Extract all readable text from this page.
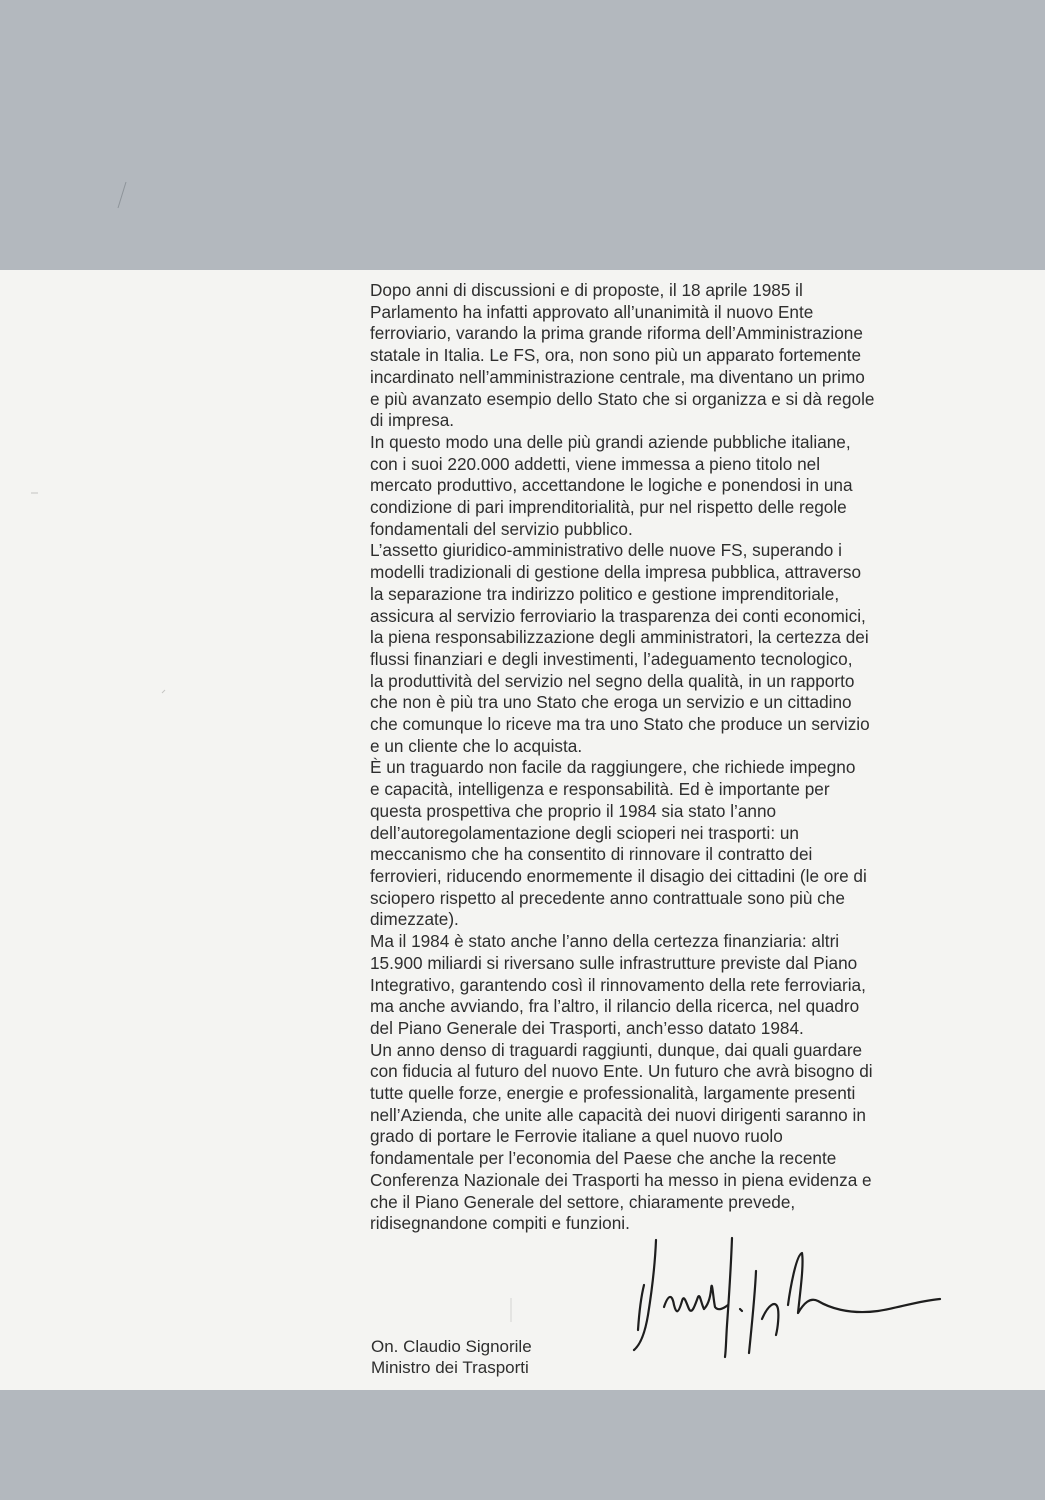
Dopo anni di discussioni e di proposte, il 18 aprile 1985 il
Parlamento ha infatti approvato all’unanimità il nuovo Ente
ferroviario, varando la prima grande riforma dell’Amministrazione
statale in Italia. Le FS, ora, non sono più un apparato fortemente
incardinato nell’amministrazione centrale, ma diventano un primo
e più avanzato esempio dello Stato che si organizza e si dà regole
di impresa.

In questo modo una delle più grandi aziende pubbliche italiane,
con i suoi 220.000 addetti, viene immessa a pieno titolo nel
mercato produttivo, accettandone le logiche e ponendosi in una
condizione di pari imprenditorialità, pur nel rispetto delle regole
fondamentali del servizio pubblico.

L’assetto giuridico-amministrativo delle nuove FS, superando i
modelli tradizionali di gestione della impresa pubblica, attraverso
la separazione tra indirizzo politico e gestione imprenditoriale,
assicura al servizio ferroviario la trasparenza dei conti economici,
la piena responsabilizzazione degli amministratori, la certezza dei
flussi finanziari e degli investimenti, l’adeguamento tecnologico,
la produttività del servizio nel segno della qualità, in un rapporto
che non è più tra uno Stato che eroga un servizio e un cittadino
che comunque lo riceve ma tra uno Stato che produce un servizio
e un cliente che lo acquista.

È un traguardo non facile da raggiungere, che richiede impegno
e capacità, intelligenza e responsabilità. Ed è importante per
questa prospettiva che proprio il 1984 sia stato l’anno
dell’autoregolamentazione degli scioperi nei trasporti: un
meccanismo che ha consentito di rinnovare il contratto dei
ferrovieri, riducendo enormemente il disagio dei cittadini (le ore di
sciopero rispetto al precedente anno contrattuale sono più che
dimezzate).

Ma il 1984 è stato anche l’anno della certezza finanziaria: altri
15.900 miliardi si riversano sulle infrastrutture previste dal Piano
Integrativo, garantendo così il rinnovamento della rete ferroviaria,
ma anche avviando, fra l’altro, il rilancio della ricerca, nel quadro
del Piano Generale dei Trasporti, anch’esso datato 1984.

Un anno denso di traguardi raggiunti, dunque, dai quali guardare
con fiducia al futuro del nuovo Ente. Un futuro che avrà bisogno di
tutte quelle forze, energie e professionalità, largamente presenti
nell’Azienda, che unite alle capacità dei nuovi dirigenti saranno in
grado di portare le Ferrovie italiane a quel nuovo ruolo
fondamentale per l’economia del Paese che anche la recente
Conferenza Nazionale dei Trasporti ha messo in piena evidenza e
che il Piano Generale del settore, chiaramente prevede,
ridisegnandone compiti e funzioni.

On. Claudio Signorile
Ministro dei Trasporti
